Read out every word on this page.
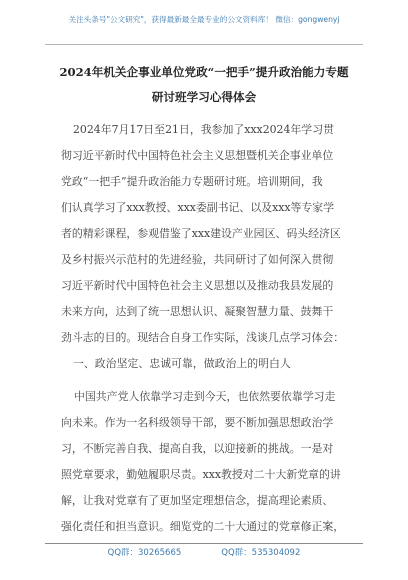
关注头条号"公文研究"，获得最新最全最专业的公文资料库！ 微信：gongwenyj
2024年机关企事业单位党政“一把手”提升政治能力专题
研讨班学习心得体会
2024年7月17日至21日，我参加了xxx2024年学习贯
彻习近平新时代中国特色社会主义思想暨机关企事业单位
党政“一把手”提升政治能力专题研讨班。培训期间，我
们认真学习了xxx教授、xxx委副书记、以及xxx等专家学
者的精彩课程，参观借鉴了xxx建设产业园区、码头经济区
及乡村振兴示范村的先进经验，共同研讨了如何深入贯彻
习近平新时代中国特色社会主义思想以及推动我县发展的
未来方向，达到了统一思想认识、凝聚智慧力量、鼓舞干
劲斗志的目的。现结合自身工作实际，浅谈几点学习体会：
一、政治坚定、忠诚可靠，做政治上的明白人
中国共产党人依靠学习走到今天，也依然要依靠学习走
向未来。作为一名科级领导干部，要不断加强思想政治学
习，不断完善自我、提高自我，以迎接新的挑战。一是对
照党章要求，勤勉履职尽责。xxx教授对二十大新党章的讲
解，让我对党章有了更加坚定理想信念，提高理论素质、
强化责任和担当意识。细览党的二十大通过的党章修正案，
QQ群：30265665	QQ群：535304092
